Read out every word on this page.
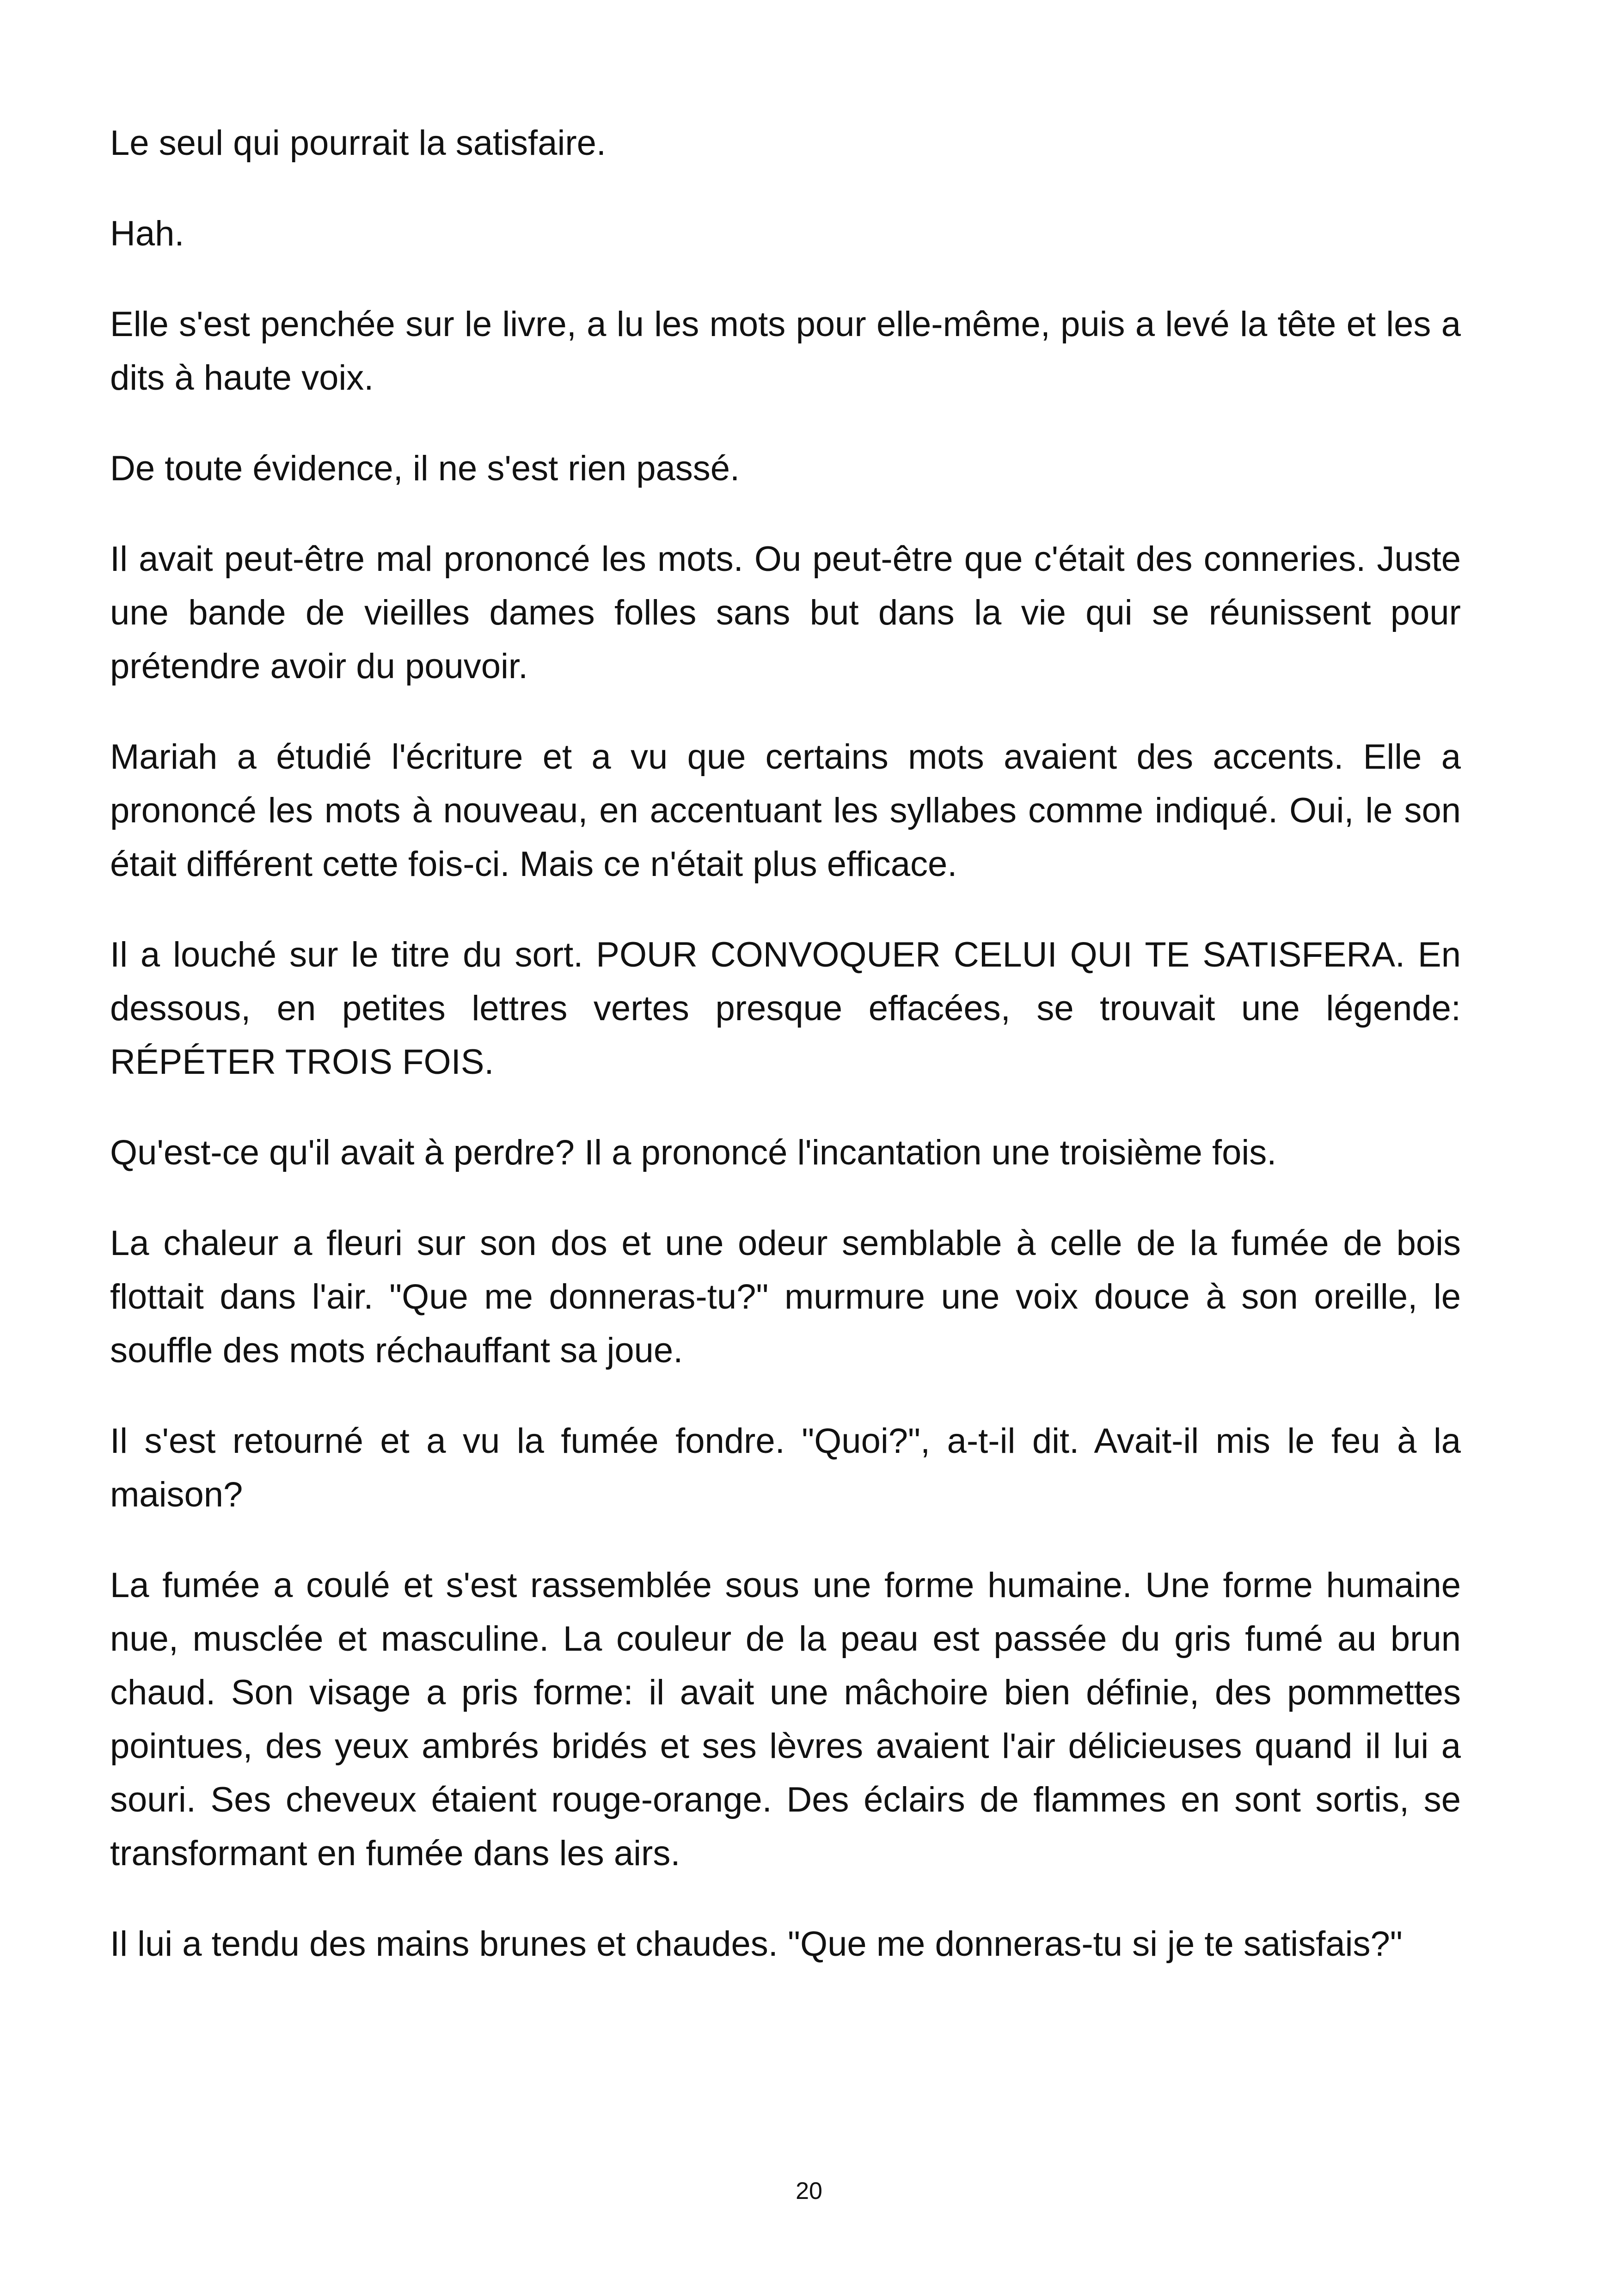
Le seul qui pourrait la satisfaire.

Hah.

Elle s'est penchée sur le livre, a lu les mots pour elle-même, puis a levé la tête et les a dits à haute voix.

De toute évidence, il ne s'est rien passé.

Il avait peut-être mal prononcé les mots. Ou peut-être que c'était des conneries. Juste une bande de vieilles dames folles sans but dans la vie qui se réunissent pour prétendre avoir du pouvoir.

Mariah a étudié l'écriture et a vu que certains mots avaient des accents. Elle a prononcé les mots à nouveau, en accentuant les syllabes comme indiqué. Oui, le son était différent cette fois-ci. Mais ce n'était plus efficace.

Il a louché sur le titre du sort. POUR CONVOQUER CELUI QUI TE SATISFERA. En dessous, en petites lettres vertes presque effacées, se trouvait une légende: RÉPÉTER TROIS FOIS.

Qu'est-ce qu'il avait à perdre? Il a prononcé l'incantation une troisième fois.

La chaleur a fleuri sur son dos et une odeur semblable à celle de la fumée de bois flottait dans l'air. "Que me donneras-tu?" murmure une voix douce à son oreille, le souffle des mots réchauffant sa joue.

Il s'est retourné et a vu la fumée fondre. "Quoi?", a-t-il dit. Avait-il mis le feu à la maison?

La fumée a coulé et s'est rassemblée sous une forme humaine. Une forme humaine nue, musclée et masculine. La couleur de la peau est passée du gris fumé au brun chaud. Son visage a pris forme: il avait une mâchoire bien définie, des pommettes pointues, des yeux ambrés bridés et ses lèvres avaient l'air délicieuses quand il lui a souri. Ses cheveux étaient rouge-orange. Des éclairs de flammes en sont sortis, se transformant en fumée dans les airs.

Il lui a tendu des mains brunes et chaudes. "Que me donneras-tu si je te satisfais?"

20
